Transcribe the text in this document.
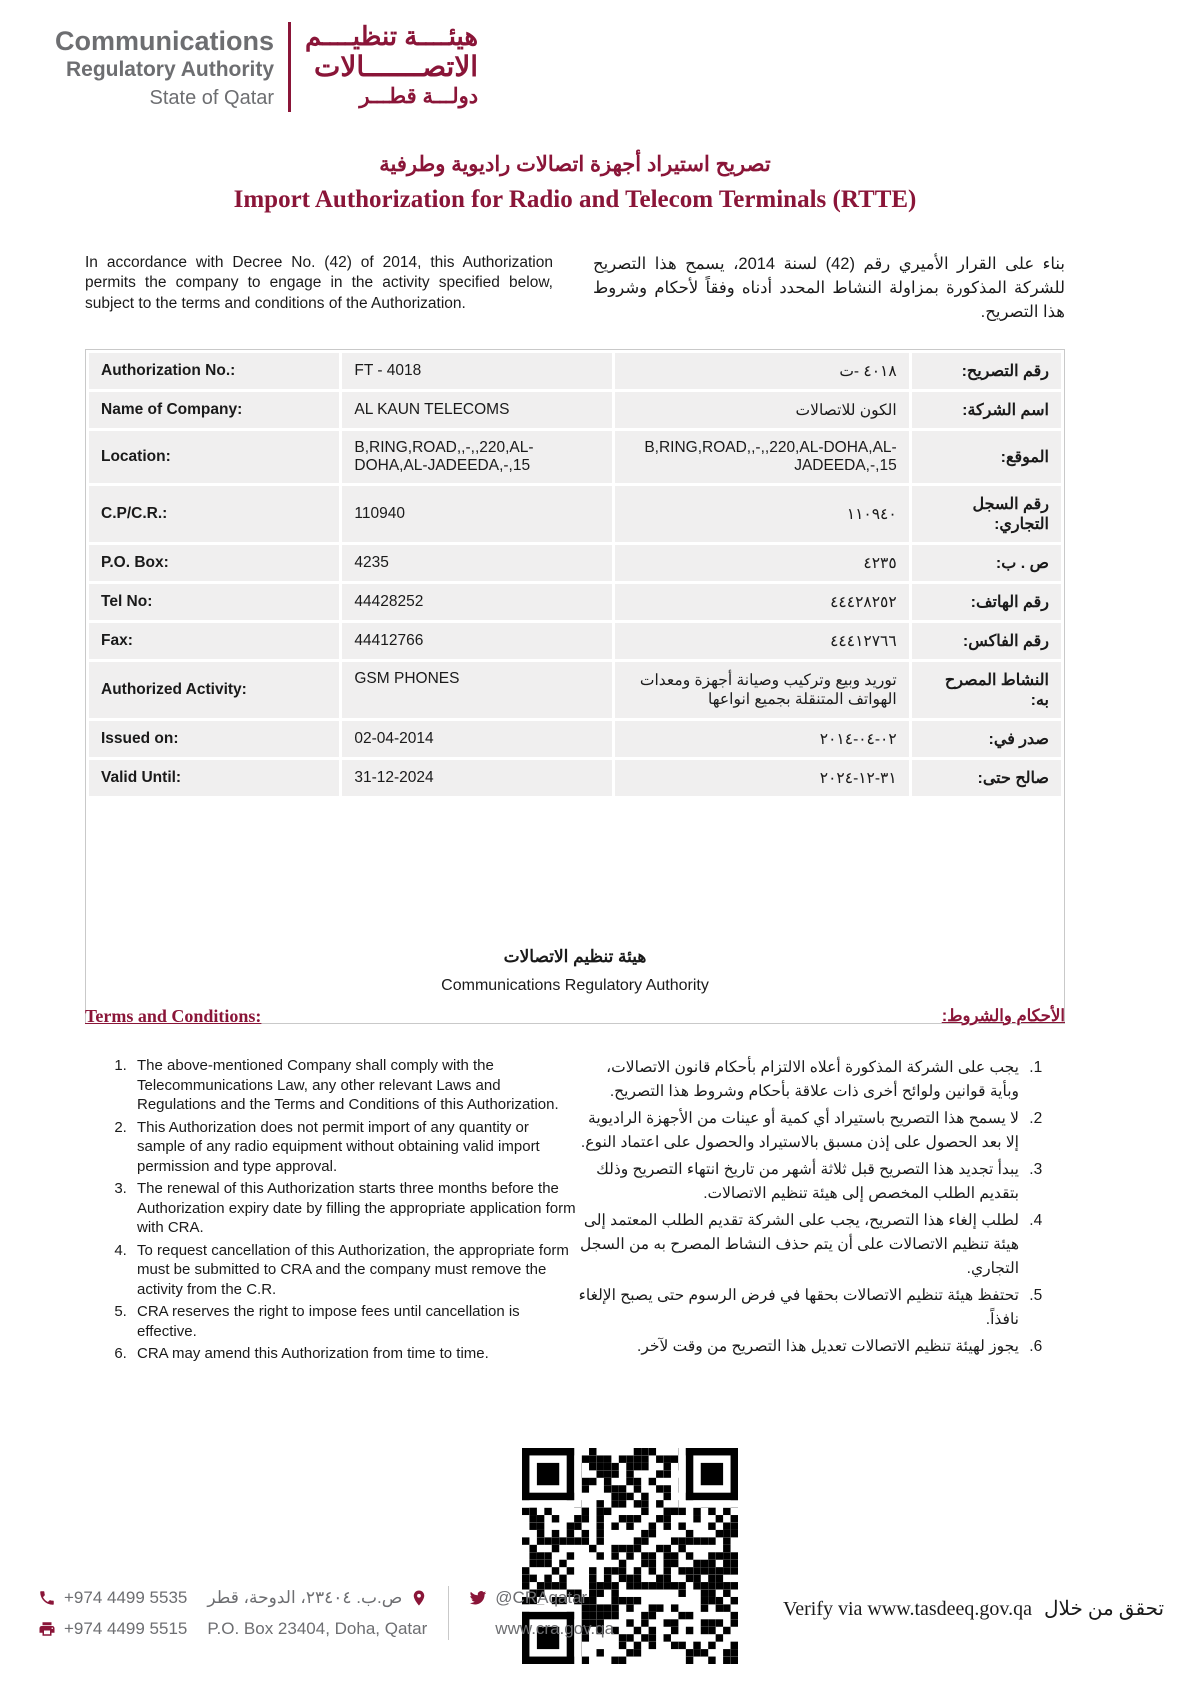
Communications
Regulatory Authority
State of Qatar
هيئــــة تنظيــــم
الاتصـــــــالات
دولـــة قطـــر
تصريح استيراد أجهزة اتصالات راديوية وطرفية
Import Authorization for Radio and Telecom Terminals (RTTE)

In accordance with Decree No. (42) of 2014, this Authorization permits the company to engage in the activity specified below, subject to the terms and conditions of the Authorization.

بناء على القرار الأميري رقم (42) لسنة 2014، يسمح هذا التصريح للشركة المذكورة بمزاولة النشاط المحدد أدناه وفقاً لأحكام وشروط هذا التصريح.

Authorization No.:	FT - 4018	ت- ٤٠١٨	رقم التصريح:
Name of Company:	AL KAUN TELECOMS	الكون للاتصالات	اسم الشركة:
Location:	B,RING,ROAD,,-,,220,AL-DOHA,AL-JADEEDA,-,15	B,RING,ROAD,,-,,220,AL-DOHA,AL-JADEEDA,-,15	الموقع:
C.P/C.R.:	110940	١١٠٩٤٠	رقم السجل التجاري:
P.O. Box:	4235	٤٢٣٥	ص . ب:
Tel No:	44428252	٤٤٤٢٨٢٥٢	رقم الهاتف:
Fax:	44412766	٤٤٤١٢٧٦٦	رقم الفاكس:
Authorized Activity:	GSM PHONES	توريد وبيع وتركيب وصيانة أجهزة ومعدات الهواتف المتنقلة بجميع انواعها	النشاط المصرح به:
Issued on:	02-04-2014	٢٠١٤-٠٤-٠٢	صدر في:
Valid Until:	31-12-2024	٢٠٢٤-١٢-٣١	صالح حتى:
هيئة تنظيم الاتصالات
Communications Regulatory Authority
Terms and Conditions:	الأحكام والشروط:
1. The above-mentioned Company shall comply with the Telecommunications Law, any other relevant Laws and Regulations and the Terms and Conditions of this Authorization.
2. This Authorization does not permit import of any quantity or sample of any radio equipment without obtaining valid import permission and type approval.
3. The renewal of this Authorization starts three months before the Authorization expiry date by filling the appropriate application form with CRA.
4. To request cancellation of this Authorization, the appropriate form must be submitted to CRA and the company must remove the activity from the C.R.
5. CRA reserves the right to impose fees until cancellation is effective.
6. CRA may amend this Authorization from time to time.
1. يجب على الشركة المذكورة أعلاه الالتزام بأحكام قانون الاتصالات، وبأية قوانين ولوائح أخرى ذات علاقة بأحكام وشروط هذا التصريح.
2. لا يسمح هذا التصريح باستيراد أي كمية أو عينات من الأجهزة الراديوية إلا بعد الحصول على إذن مسبق بالاستيراد والحصول على اعتماد النوع.
3. يبدأ تجديد هذا التصريح قبل ثلاثة أشهر من تاريخ انتهاء التصريح وذلك بتقديم الطلب المخصص إلى هيئة تنظيم الاتصالات.
4. لطلب إلغاء هذا التصريح، يجب على الشركة تقديم الطلب المعتمد إلى هيئة تنظيم الاتصالات على أن يتم حذف النشاط المصرح به من السجل التجاري.
5. تحتفظ هيئة تنظيم الاتصالات بحقها في فرض الرسوم حتى يصبح الإلغاء نافذاً.
6. يجوز لهيئة تنظيم الاتصالات تعديل هذا التصريح من وقت لآخر.
+974 4499 5535
+974 4499 5515
ص.ب. ٢٣٤٠٤، الدوحة، قطر
P.O. Box 23404, Doha, Qatar
@CRAqatar
www.cra.gov.qa
Verify via www.tasdeeq.gov.qa تحقق من خلال
